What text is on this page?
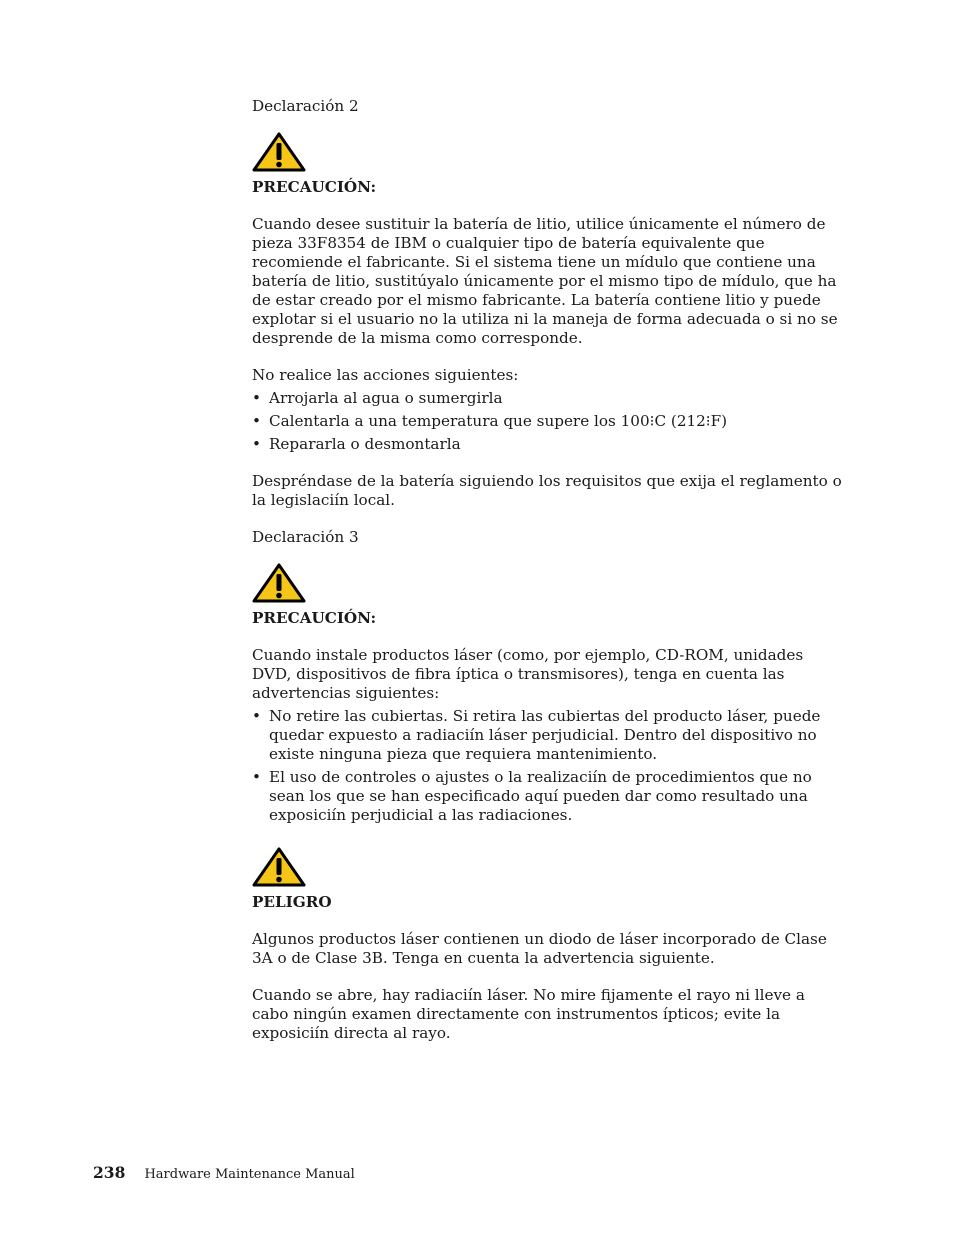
Declaración 2

PRECAUCIÓN:

Cuando desee sustituir la batería de litio, utilice únicamente el número de pieza 33F8354 de IBM o cualquier tipo de batería equivalente que recomiende el fabricante. Si el sistema tiene un mídulo que contiene una batería de litio, sustitúyalo únicamente por el mismo tipo de mídulo, que ha de estar creado por el mismo fabricante. La batería contiene litio y puede explotar si el usuario no la utiliza ni la maneja de forma adecuada o si no se desprende de la misma como corresponde.

No realice las acciones siguientes:

• Arrojarla al agua o sumergirla
• Calentarla a una temperatura que supere los 100⁝C (212⁝F)
• Repararla o desmontarla

Despréndase de la batería siguiendo los requisitos que exija el reglamento o la legislaciín local.

Declaración 3

PRECAUCIÓN:

Cuando instale productos láser (como, por ejemplo, CD-ROM, unidades DVD, dispositivos de fibra íptica o transmisores), tenga en cuenta las advertencias siguientes:

• No retire las cubiertas. Si retira las cubiertas del producto láser, puede quedar expuesto a radiaciín láser perjudicial. Dentro del dispositivo no existe ninguna pieza que requiera mantenimiento.
• El uso de controles o ajustes o la realizaciín de procedimientos que no sean los que se han especificado aquí pueden dar como resultado una exposiciín perjudicial a las radiaciones.

PELIGRO

Algunos productos láser contienen un diodo de láser incorporado de Clase 3A o de Clase 3B. Tenga en cuenta la advertencia siguiente.

Cuando se abre, hay radiaciín láser. No mire fijamente el rayo ni lleve a cabo ningún examen directamente con instrumentos ípticos; evite la exposiciín directa al rayo.

238 Hardware Maintenance Manual
